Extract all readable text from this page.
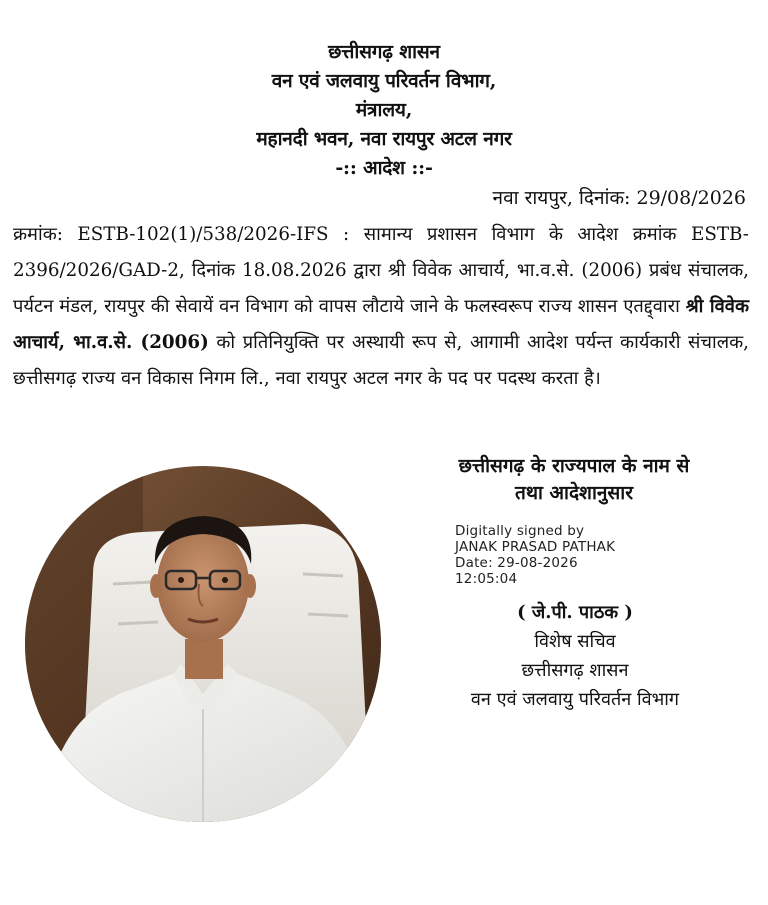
छत्तीसगढ़ शासन
वन एवं जलवायु परिवर्तन विभाग,
मंत्रालय,
महानदी भवन, नवा रायपुर अटल नगर
-:: आदेश ::-
नवा रायपुर, दिनांक: 29/08/2026
क्रमांक: ESTB-102(1)/538/2026-IFS : सामान्य प्रशासन विभाग के आदेश क्रमांक ESTB-2396/2026/GAD-2, दिनांक 18.08.2026 द्वारा श्री विवेक आचार्य, भा.व.से. (2006) प्रबंध संचालक, पर्यटन मंडल, रायपुर की सेवायें वन विभाग को वापस लौटाये जाने के फलस्वरूप राज्य शासन एतद्द्वारा श्री विवेक आचार्य, भा.व.से. (2006) को प्रतिनियुक्ति पर अस्थायी रूप से, आगामी आदेश पर्यन्त कार्यकारी संचालक, छत्तीसगढ़ राज्य वन विकास निगम लि., नवा रायपुर अटल नगर के पद पर पदस्थ करता है।
छत्तीसगढ़ के राज्यपाल के नाम से
तथा आदेशानुसार
Digitally signed by
JANAK PRASAD PATHAK
Date: 29-08-2026
12:05:04
( जे.पी. पाठक )
विशेष सचिव
छत्तीसगढ़ शासन
वन एवं जलवायु परिवर्तन विभाग
